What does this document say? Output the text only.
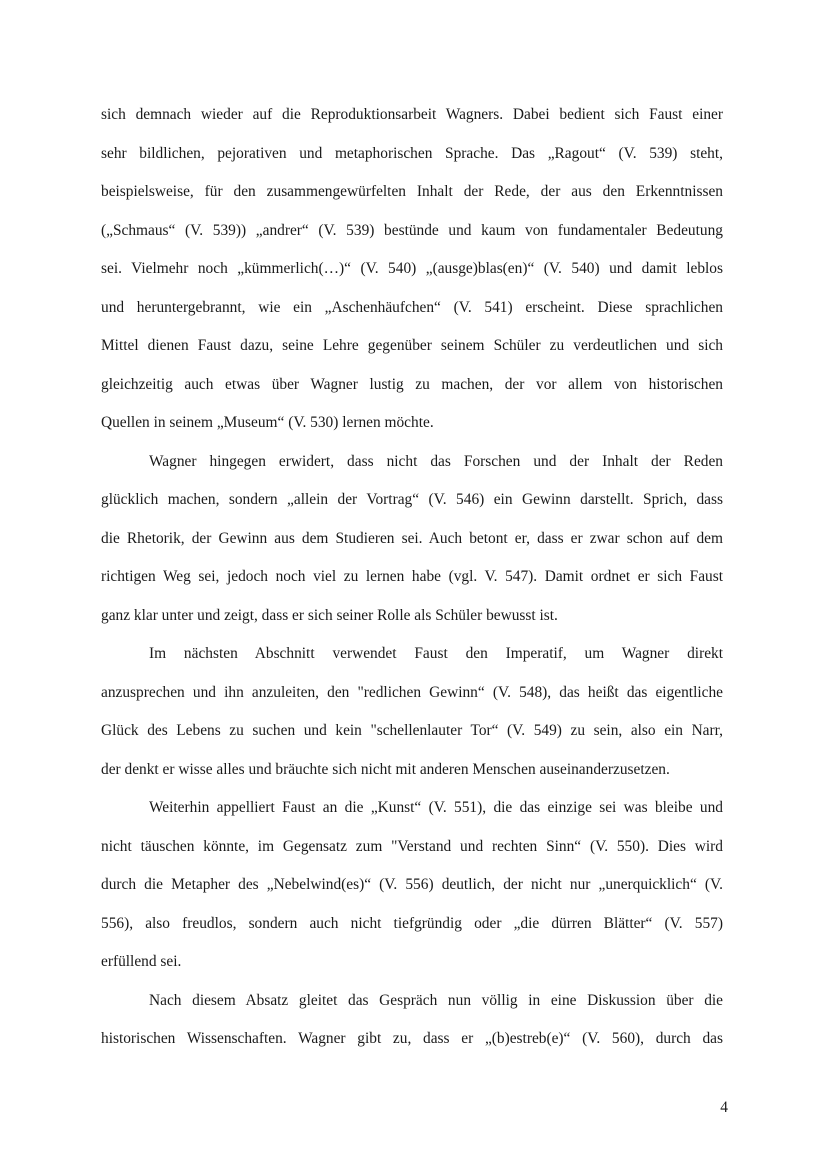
sich demnach wieder auf die Reproduktionsarbeit Wagners. Dabei bedient sich Faust einer
sehr bildlichen, pejorativen und metaphorischen Sprache. Das „Ragout“ (V. 539) steht,
beispielsweise, für den zusammengewürfelten Inhalt der Rede, der aus den Erkenntnissen
(„Schmaus“ (V. 539)) „andrer“ (V. 539) bestünde und kaum von fundamentaler Bedeutung
sei. Vielmehr noch „kümmerlich(…)“ (V. 540) „(ausge)blas(en)“ (V. 540) und damit leblos
und heruntergebrannt, wie ein „Aschenhäufchen“ (V. 541) erscheint. Diese sprachlichen
Mittel dienen Faust dazu, seine Lehre gegenüber seinem Schüler zu verdeutlichen und sich
gleichzeitig auch etwas über Wagner lustig zu machen, der vor allem von historischen
Quellen in seinem „Museum“ (V. 530) lernen möchte.
Wagner hingegen erwidert, dass nicht das Forschen und der Inhalt der Reden
glücklich machen, sondern „allein der Vortrag“ (V. 546) ein Gewinn darstellt. Sprich, dass
die Rhetorik, der Gewinn aus dem Studieren sei. Auch betont er, dass er zwar schon auf dem
richtigen Weg sei, jedoch noch viel zu lernen habe (vgl. V. 547). Damit ordnet er sich Faust
ganz klar unter und zeigt, dass er sich seiner Rolle als Schüler bewusst ist.
Im nächsten Abschnitt verwendet Faust den Imperatif, um Wagner direkt
anzusprechen und ihn anzuleiten, den "redlichen Gewinn“ (V. 548), das heißt das eigentliche
Glück des Lebens zu suchen und kein "schellenlauter Tor“ (V. 549) zu sein, also ein Narr,
der denkt er wisse alles und bräuchte sich nicht mit anderen Menschen auseinanderzusetzen.
Weiterhin appelliert Faust an die „Kunst“ (V. 551), die das einzige sei was bleibe und
nicht täuschen könnte, im Gegensatz zum "Verstand und rechten Sinn“ (V. 550). Dies wird
durch die Metapher des „Nebelwind(es)“ (V. 556) deutlich, der nicht nur „unerquicklich“ (V.
556), also freudlos, sondern auch nicht tiefgründig oder „die dürren Blätter“ (V. 557)
erfüllend sei.
Nach diesem Absatz gleitet das Gespräch nun völlig in eine Diskussion über die
historischen Wissenschaften. Wagner gibt zu, dass er „(b)estreb(e)“ (V. 560), durch das
4
